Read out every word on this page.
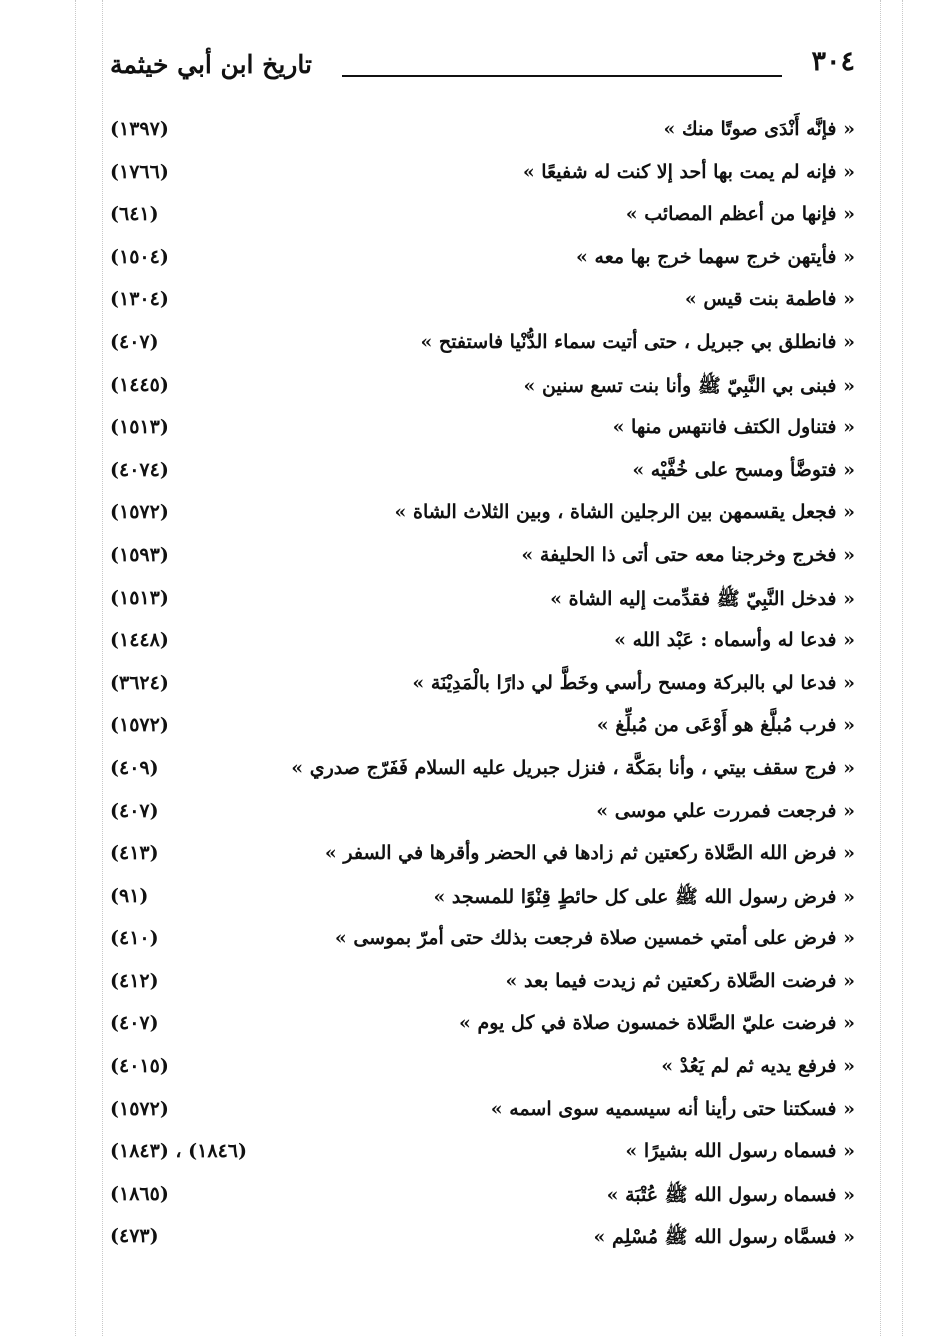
تاريخ ابن أبي خيثمة	٣٠٤
« فإنَّه أَنْدَى صوتًا منك »
(١٣٩٧)
« فإنه لم يمت بها أحد إلا كنت له شفيعًا »
(١٧٦٦)
« فإنها من أعظم المصائب »
(٦٤١)
« فأيتهن خرج سهما خرج بها معه »
(١٥٠٤)
« فاطمة بنت قيس »
(١٣٠٤)
« فانطلق بي جبريل ، حتى أتيت سماء الدُّنْيا فاستفتح »
(٤٠٧)
« فبنى بي النَّبِيّ ﷺ وأنا بنت تسع سنين »
(١٤٤٥)
« فتناول الكتف فانتهس منها »
(١٥١٣)
« فتوضَّأ ومسح على خُفَّيْه »
(٤٠٧٤)
« فجعل يقسمهن بين الرجلين الشاة ، وبين الثلاث الشاة »
(١٥٧٢)
« فخرج وخرجنا معه حتى أتى ذا الحليفة »
(١٥٩٣)
« فدخل النَّبِيّ ﷺ فقدِّمت إليه الشاة »
(١٥١٣)
« فدعا له وأسماه : عَبْد الله »
(١٤٤٨)
« فدعا لي بالبركة ومسح رأسي وخَطَّ لي دارًا بالْمَدِيْنَة »
(٣٦٢٤)
« فرب مُبلَّغ هو أَوْعَى من مُبلِّغ »
(١٥٧٢)
« فرج سقف بيتي ، وأنا بمَكَّة ، فنزل جبريل عليه السلام فَفَرّج صدري »
(٤٠٩)
« فرجعت فمررت علي موسى »
(٤٠٧)
« فرض الله الصَّلاة ركعتين ثم زادها في الحضر وأقرها في السفر »
(٤١٣)
« فرض رسول الله ﷺ على كل حائطٍ قِنْوًا للمسجد »
(٩١)
« فرض على أمتي خمسين صلاة فرجعت بذلك حتى أمرّ بموسى »
(٤١٠)
« فرضت الصَّلاة ركعتين ثم زيدت فيما بعد »
(٤١٢)
« فرضت عليّ الصَّلاة خمسون صلاة في كل يوم »
(٤٠٧)
« فرفع يديه ثم لم يَعُدْ »
(٤٠١٥)
« فسكتنا حتى رأينا أنه سيسميه سوى اسمه »
(١٥٧٢)
« فسماه رسول الله بشيرًا »
(١٨٤٣) ، (١٨٤٦)
« فسماه رسول الله ﷺ عُتْبَة »
(١٨٦٥)
« فسمَّاه رسول الله ﷺ مُسْلِم »
(٤٧٣)
